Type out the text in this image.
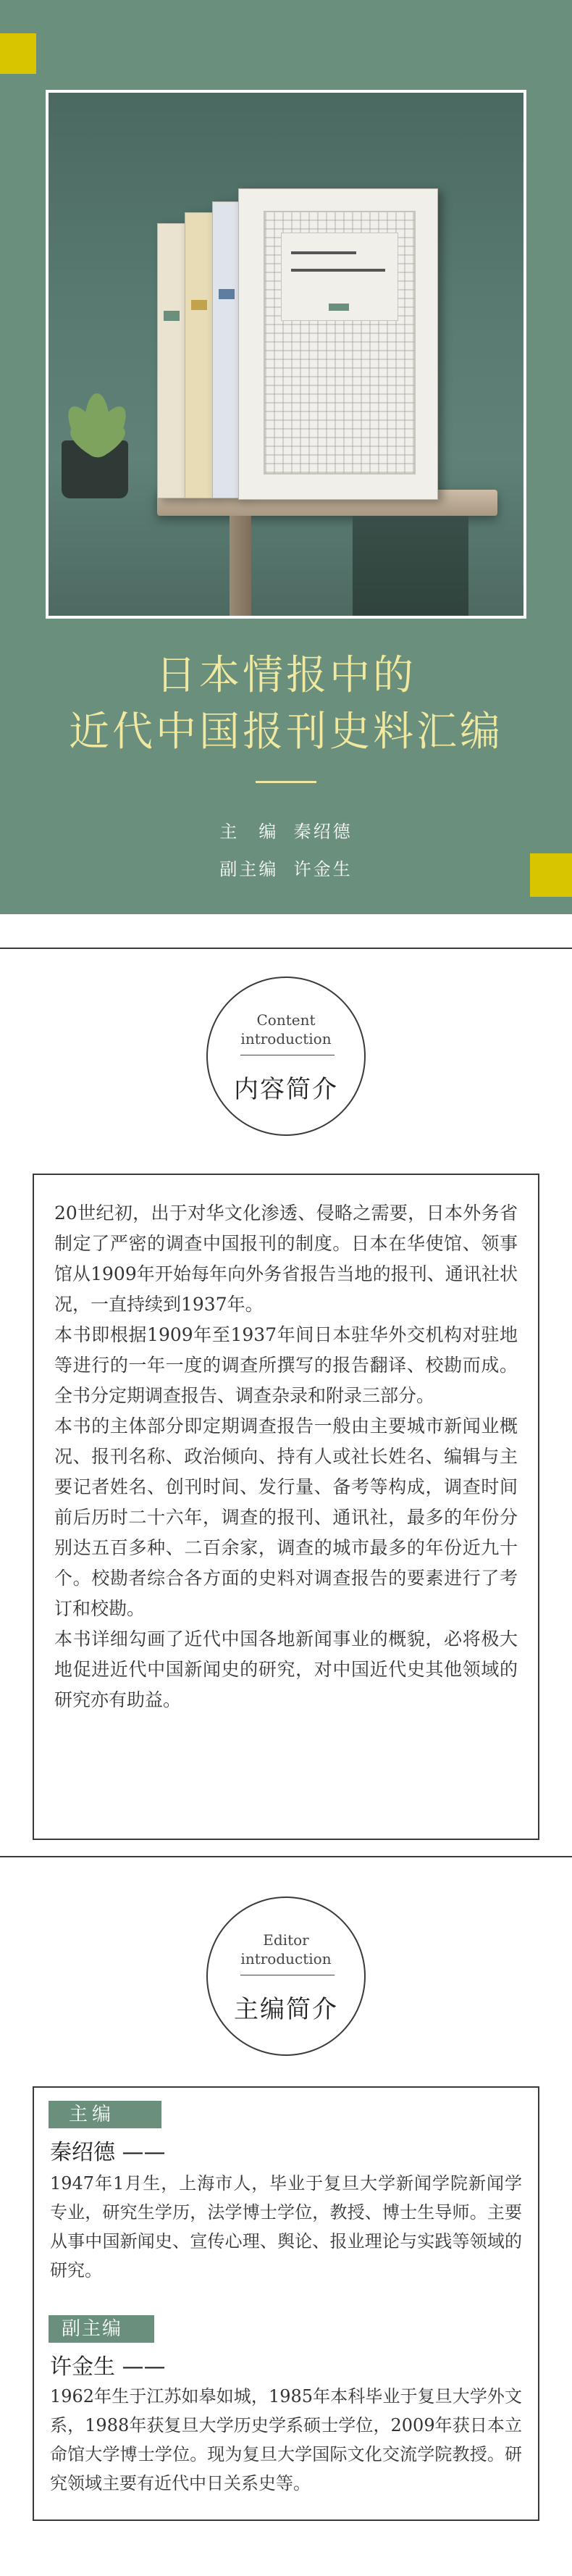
日本情报中的
近代中国报刊史料汇编
主　编  秦绍德
副主编  许金生
Content
introduction
内容简介

20世纪初，出于对华文化渗透、侵略之需要，日本外务省制定了严密的调查中国报刊的制度。日本在华使馆、领事馆从1909年开始每年向外务省报告当地的报刊、通讯社状况，一直持续到1937年。

本书即根据1909年至1937年间日本驻华外交机构对驻地等进行的一年一度的调查所撰写的报告翻译、校勘而成。全书分定期调查报告、调查杂录和附录三部分。

本书的主体部分即定期调查报告一般由主要城市新闻业概况、报刊名称、政治倾向、持有人或社长姓名、编辑与主要记者姓名、创刊时间、发行量、备考等构成，调查时间前后历时二十六年，调查的报刊、通讯社，最多的年份分别达五百多种、二百余家，调查的城市最多的年份近九十个。校勘者综合各方面的史料对调查报告的要素进行了考订和校勘。

本书详细勾画了近代中国各地新闻事业的概貌，必将极大地促进近代中国新闻史的研究，对中国近代史其他领域的研究亦有助益。

Editor
introduction
主编简介
主编
秦绍德 ——

1947年1月生，上海市人，毕业于复旦大学新闻学院新闻学专业，研究生学历，法学博士学位，教授、博士生导师。主要从事中国新闻史、宣传心理、舆论、报业理论与实践等领域的研究。

副主编
许金生 ——

1962年生于江苏如皋如城，1985年本科毕业于复旦大学外文系，1988年获复旦大学历史学系硕士学位，2009年获日本立命馆大学博士学位。现为复旦大学国际文化交流学院教授。研究领域主要有近代中日关系史等。
